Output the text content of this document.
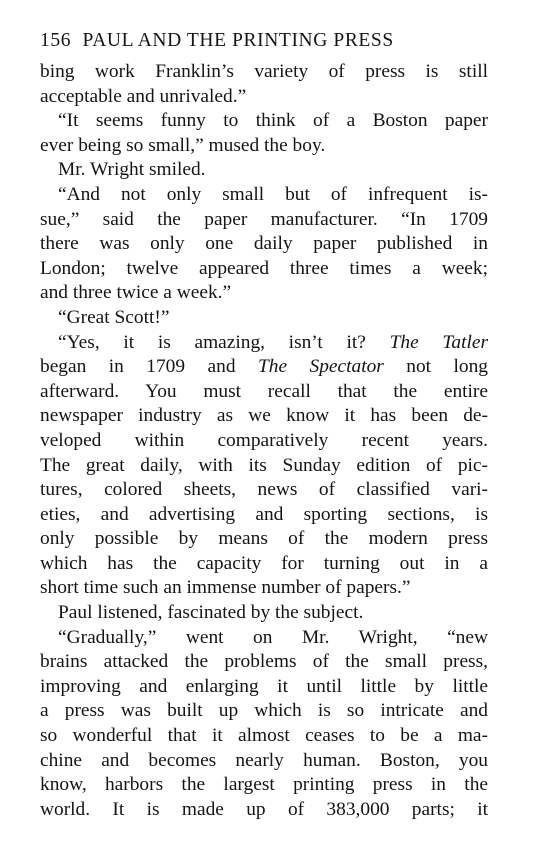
156 PAUL AND THE PRINTING PRESS
bing work Franklin’s variety of press is still
acceptable and unrivaled.”
“It seems funny to think of a Boston paper
ever being so small,” mused the boy.
Mr. Wright smiled.
“And not only small but of infrequent is-
sue,” said the paper manufacturer. “In 1709
there was only one daily paper published in
London; twelve appeared three times a week;
and three twice a week.”
“Great Scott!”
“Yes, it is amazing, isn’t it? The Tatler
began in 1709 and The Spectator not long
afterward. You must recall that the entire
newspaper industry as we know it has been de-
veloped within comparatively recent years.
The great daily, with its Sunday edition of pic-
tures, colored sheets, news of classified vari-
eties, and advertising and sporting sections, is
only possible by means of the modern press
which has the capacity for turning out in a
short time such an immense number of papers.”
Paul listened, fascinated by the subject.
“Gradually,” went on Mr. Wright, “new
brains attacked the problems of the small press,
improving and enlarging it until little by little
a press was built up which is so intricate and
so wonderful that it almost ceases to be a ma-
chine and becomes nearly human. Boston, you
know, harbors the largest printing press in the
world. It is made up of 383,000 parts; it
